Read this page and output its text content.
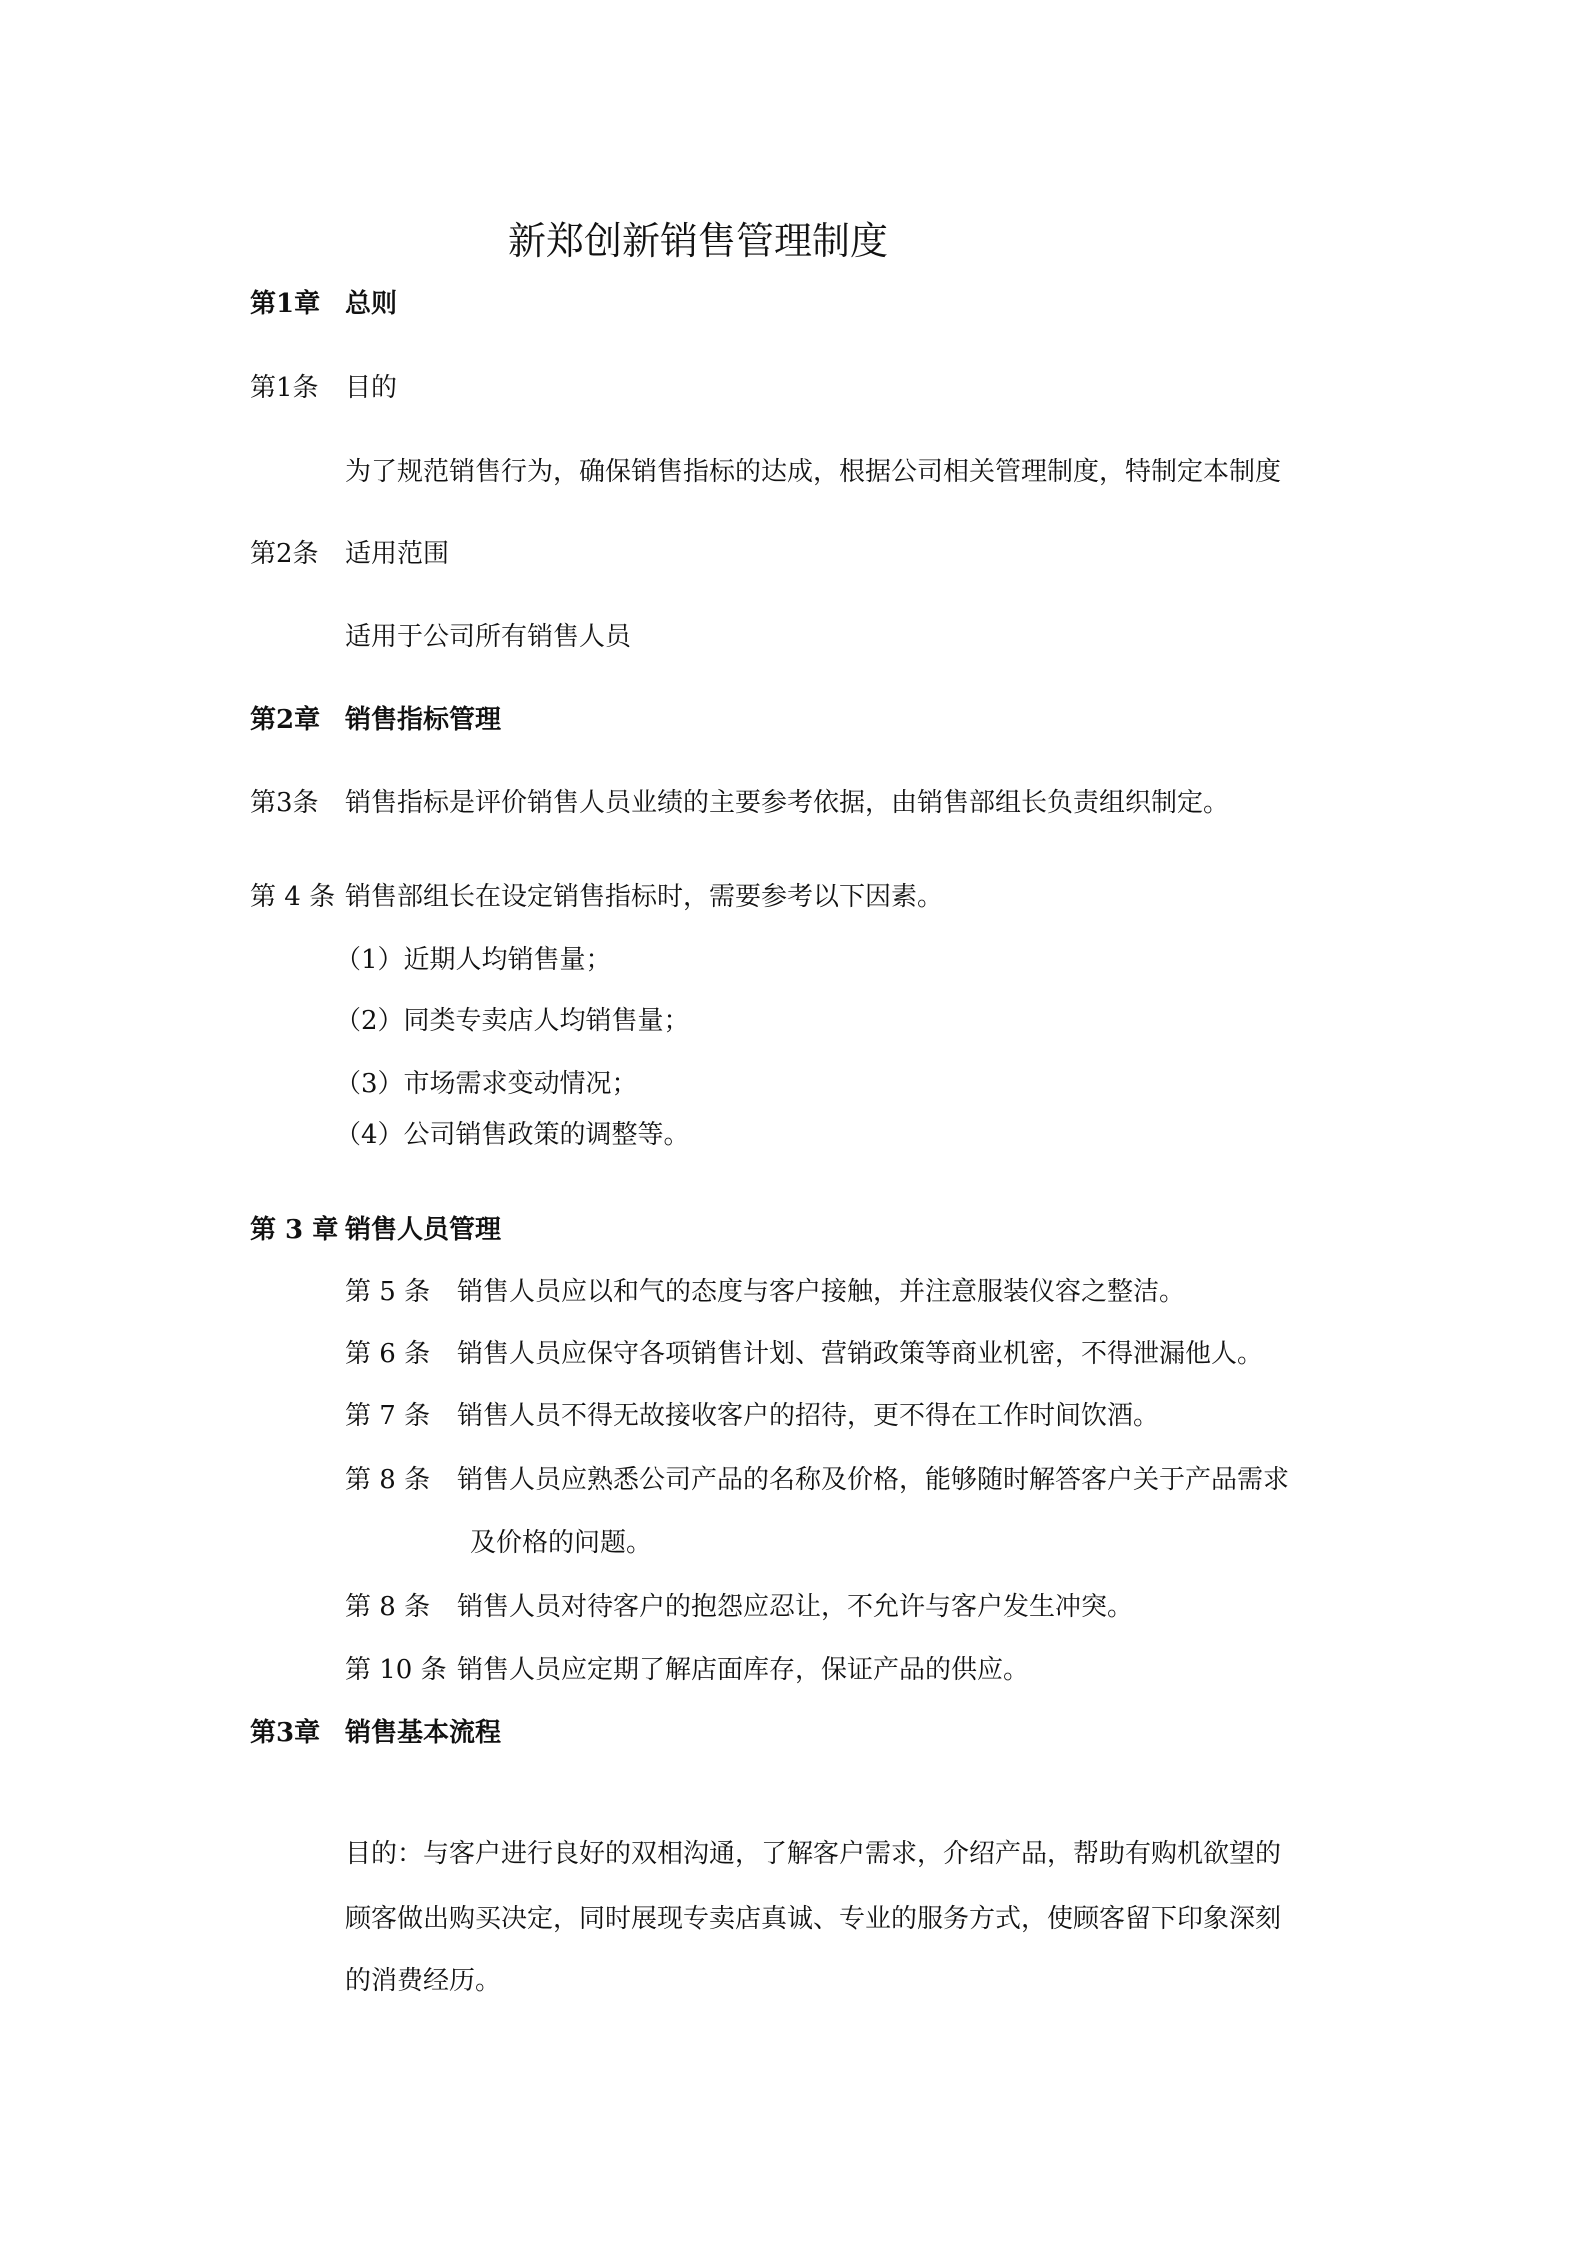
新郑创新销售管理制度
第1章 总则
第1条 目的
为了规范销售行为，确保销售指标的达成，根据公司相关管理制度，特制定本制度
第2条 适用范围
适用于公司所有销售人员
第2章 销售指标管理
第3条 销售指标是评价销售人员业绩的主要参考依据，由销售部组长负责组织制定。
第 4 条 销售部组长在设定销售指标时，需要参考以下因素。
（1）近期人均销售量；
（2）同类专卖店人均销售量；
（3）市场需求变动情况；
（4）公司销售政策的调整等。
第 3 章 销售人员管理
第 5 条 销售人员应以和气的态度与客户接触，并注意服装仪容之整洁。
第 6 条 销售人员应保守各项销售计划、营销政策等商业机密，不得泄漏他人。
第 7 条 销售人员不得无故接收客户的招待，更不得在工作时间饮酒。
第 8 条 销售人员应熟悉公司产品的名称及价格，能够随时解答客户关于产品需求
及价格的问题。
第 8 条 销售人员对待客户的抱怨应忍让，不允许与客户发生冲突。
第 10 条 销售人员应定期了解店面库存，保证产品的供应。
第3章 销售基本流程
目的：与客户进行良好的双相沟通，了解客户需求，介绍产品，帮助有购机欲望的
顾客做出购买决定，同时展现专卖店真诚、专业的服务方式，使顾客留下印象深刻
的消费经历。
